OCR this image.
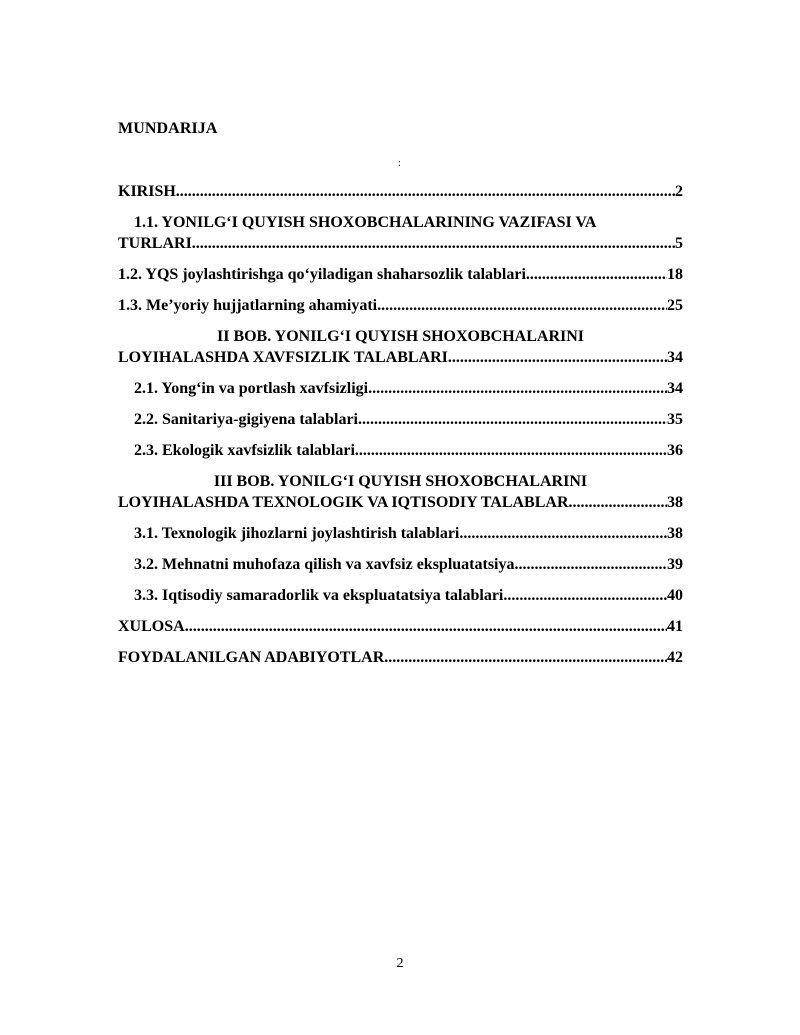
MUNDARIJA
:
KIRISH .....	2
1.1. YONILG‘I QUYISH SHOXOBCHALARINING VAZIFASI VA
TURLARI .....	5
1.2. YQS joylashtirishga qo‘yiladigan shaharsozlik talablari .....	18
1.3. Me’yoriy hujjatlarning ahamiyati .....	25
II BOB. YONILG‘I QUYISH SHOXOBCHALARINI
LOYIHALASHDA XAVFSIZLIK TALABLARI .....	34
2.1. Yong‘in va portlash xavfsizligi .....	34
2.2. Sanitariya-gigiyena talablari .....	35
2.3. Ekologik xavfsizlik talablari .....	36
III BOB. YONILG‘I QUYISH SHOXOBCHALARINI
LOYIHALASHDA TEXNOLOGIK VA IQTISODIY TALABLAR .....	38
3.1. Texnologik jihozlarni joylashtirish talablari .....	38
3.2. Mehnatni muhofaza qilish va xavfsiz ekspluatatsiya .....	39
3.3. Iqtisodiy samaradorlik va ekspluatatsiya talablari .....	40
XULOSA .....	41
FOYDALANILGAN ADABIYOTLAR .....	42
2
